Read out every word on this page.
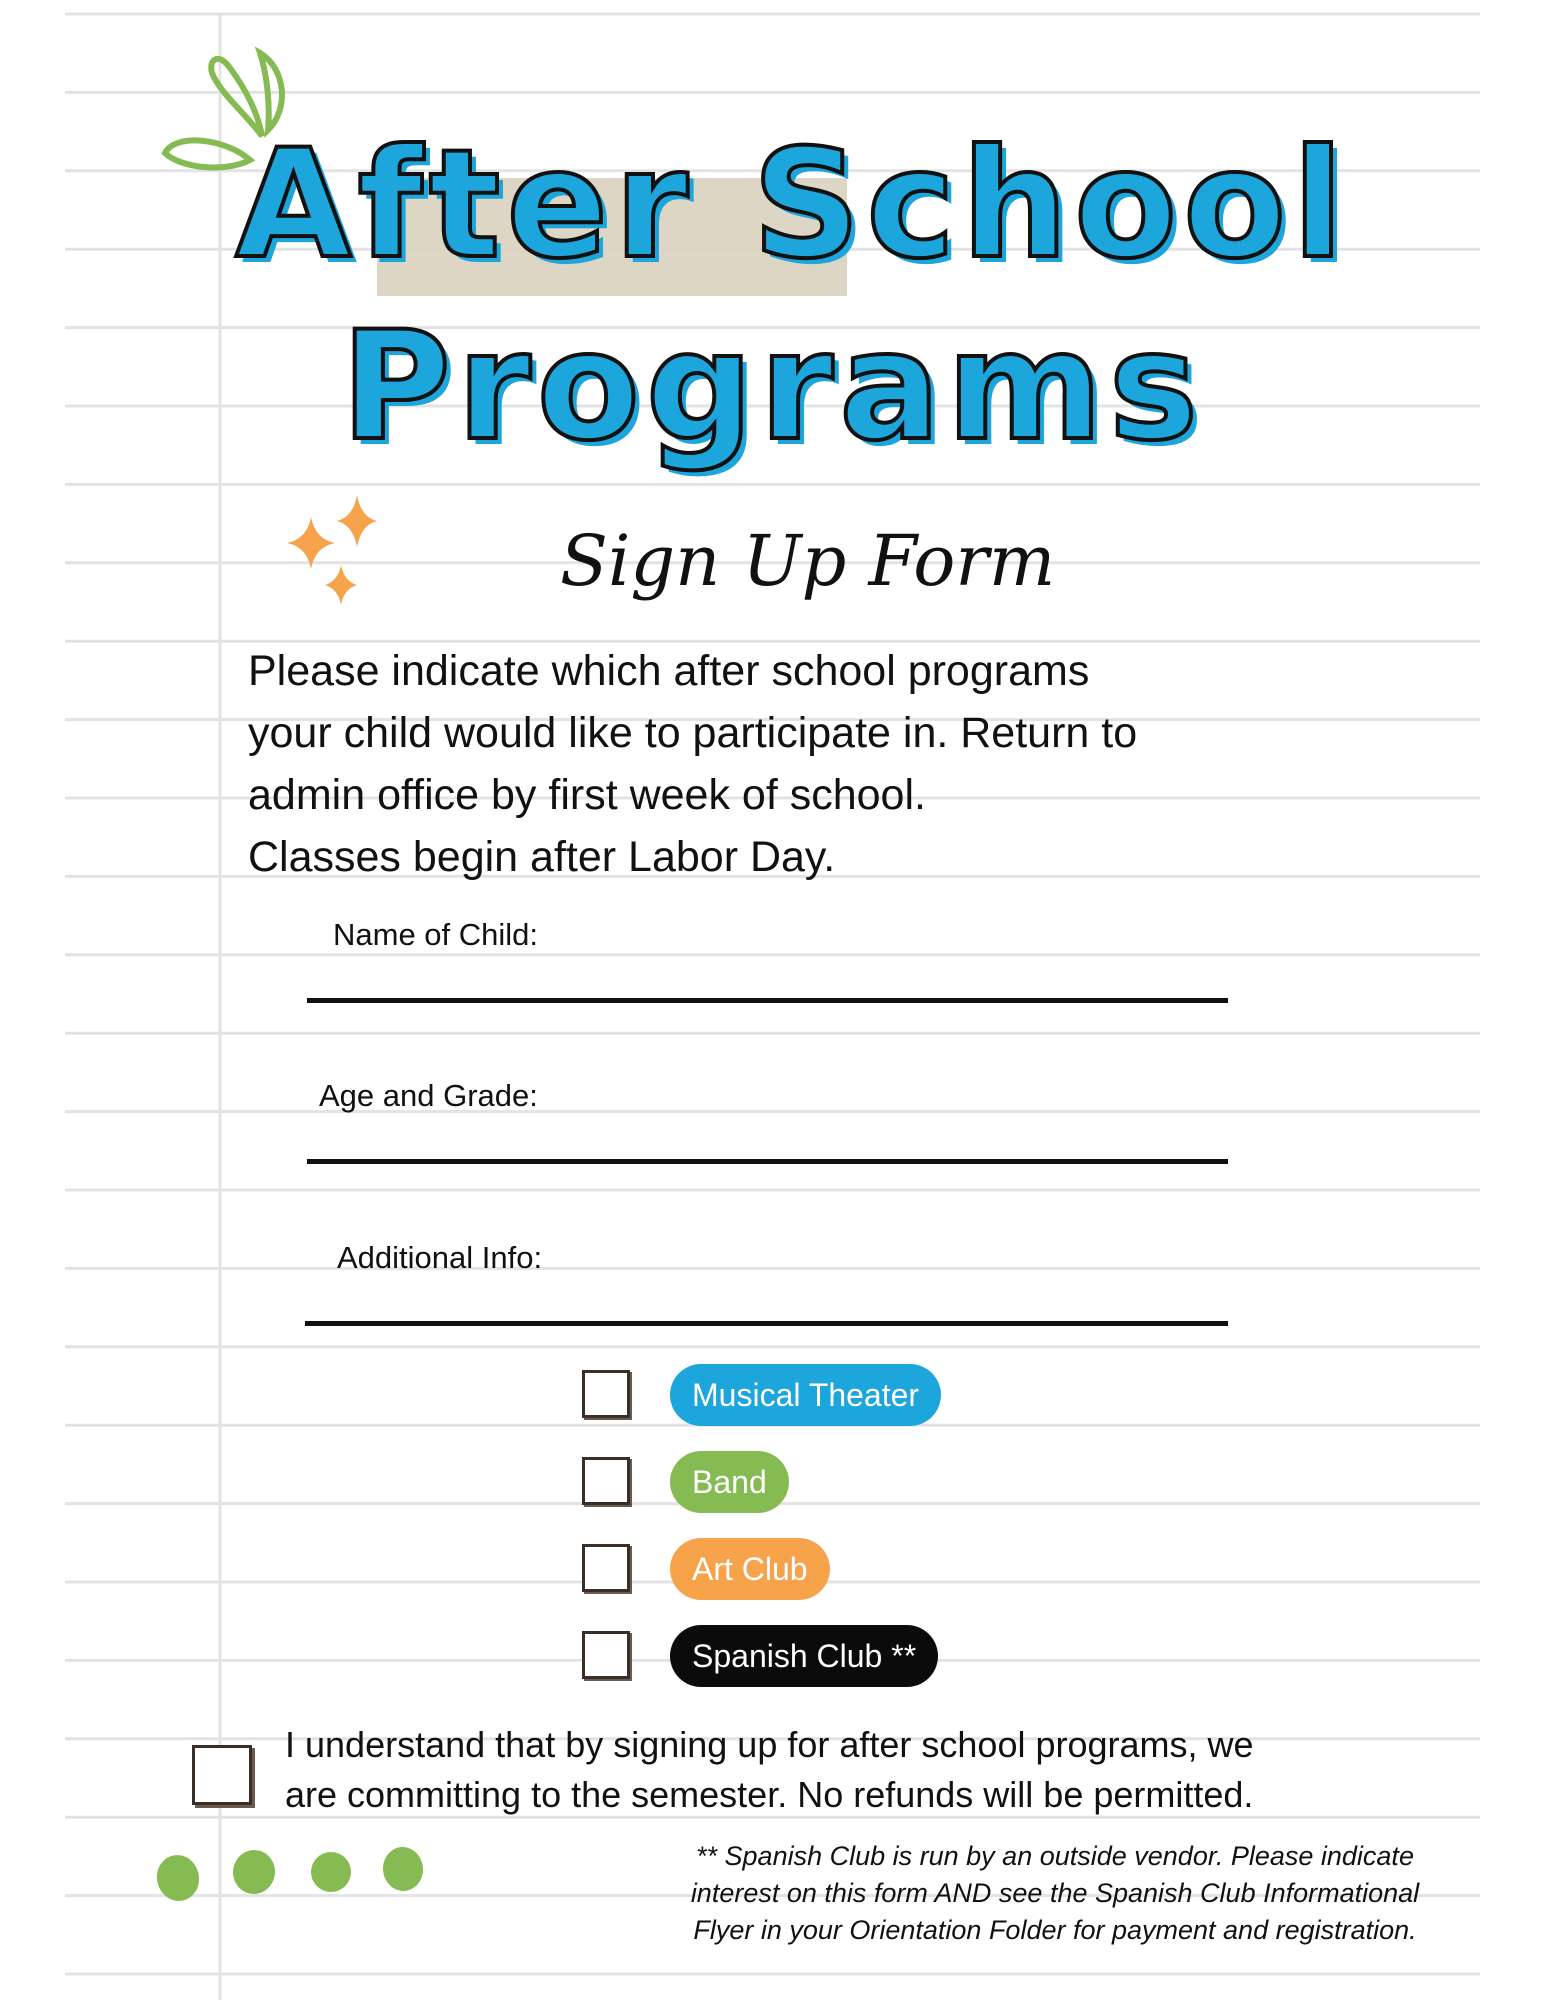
After School
Programs
Sign Up Form

Please indicate which after school programs

your child would like to participate in. Return to

admin office by first week of school.

Classes begin after Labor Day.

Name of Child:
Age and Grade:
Additional Info:
Musical Theater
Band
Art Club
Spanish Club **
I understand that by signing up for after school programs, we
are committing to the semester. No refunds will be permitted.
** Spanish Club is run by an outside vendor. Please indicate
interest on this form AND see the Spanish Club Informational
Flyer in your Orientation Folder for payment and registration.
